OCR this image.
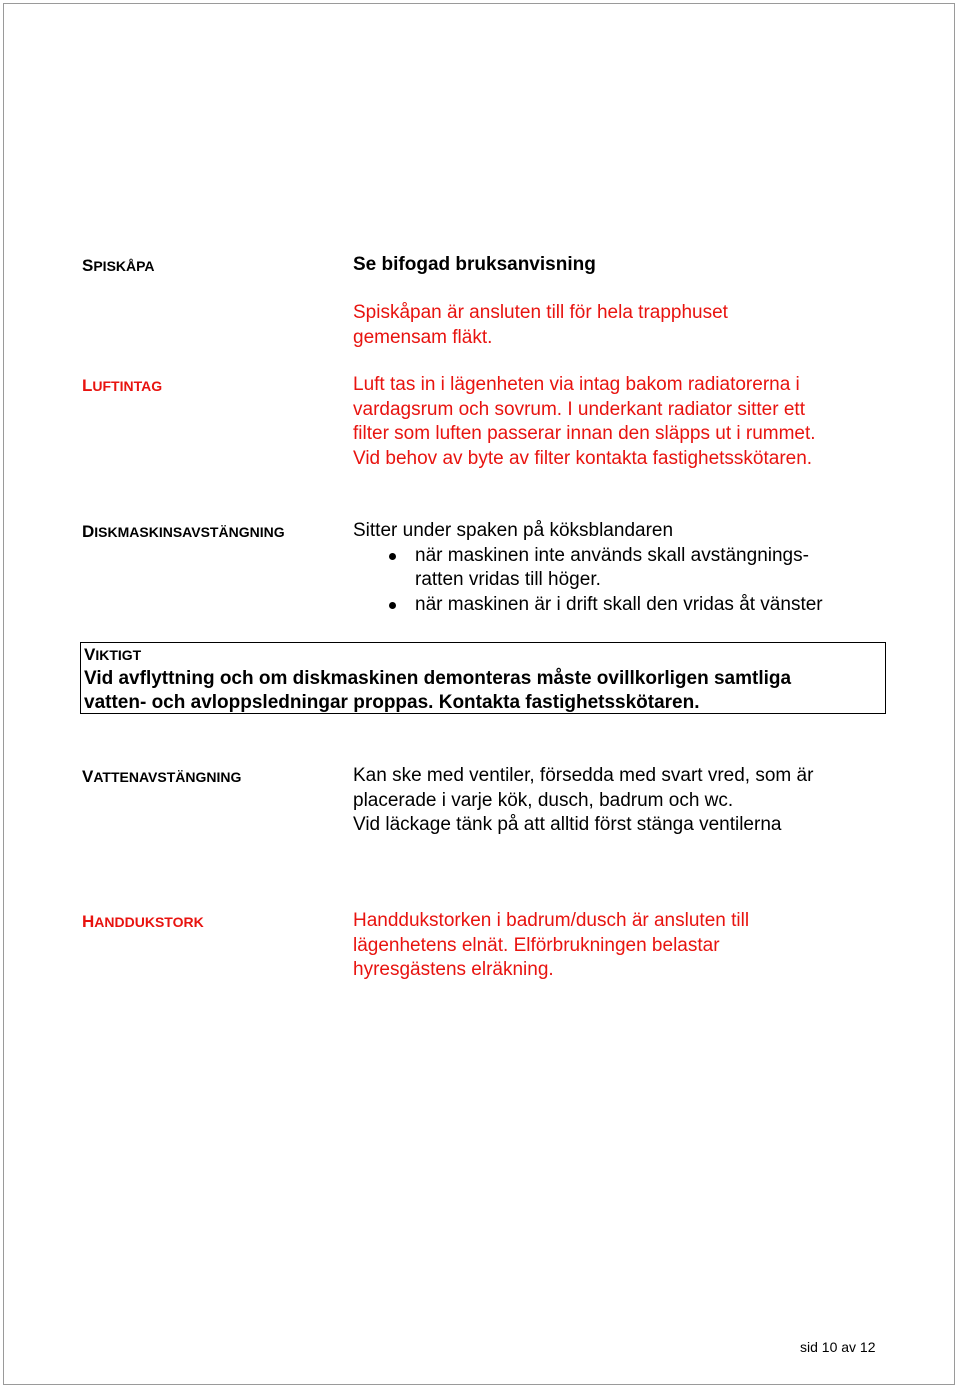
SPISKÅPA	Se bifogad bruksanvisning
Spiskåpan är ansluten till för hela trapphuset
gemensam fläkt.
LUFTINTAG	Luft tas in i lägenheten via intag bakom radiatorerna i
vardagsrum och sovrum. I underkant radiator sitter ett
filter som luften passerar innan den släpps ut i rummet.
Vid behov av byte av filter kontakta fastighetsskötaren.
DISKMASKINSAVSTÄNGNING	Sitter under spaken på köksblandaren
när maskinen inte används skall avstängnings-
ratten vridas till höger.
när maskinen är i drift skall den vridas åt vänster
VIKTIGT
Vid avflyttning och om diskmaskinen demonteras måste ovillkorligen samtliga
vatten- och avloppsledningar proppas. Kontakta fastighetsskötaren.
VATTENAVSTÄNGNING	Kan ske med ventiler, försedda med svart vred, som är
placerade i varje kök, dusch, badrum och wc.
Vid läckage tänk på att alltid först stänga ventilerna
HANDDUKSTORK	Handdukstorken i badrum/dusch är ansluten till
lägenhetens elnät. Elförbrukningen belastar
hyresgästens elräkning.
sid 10 av 12
